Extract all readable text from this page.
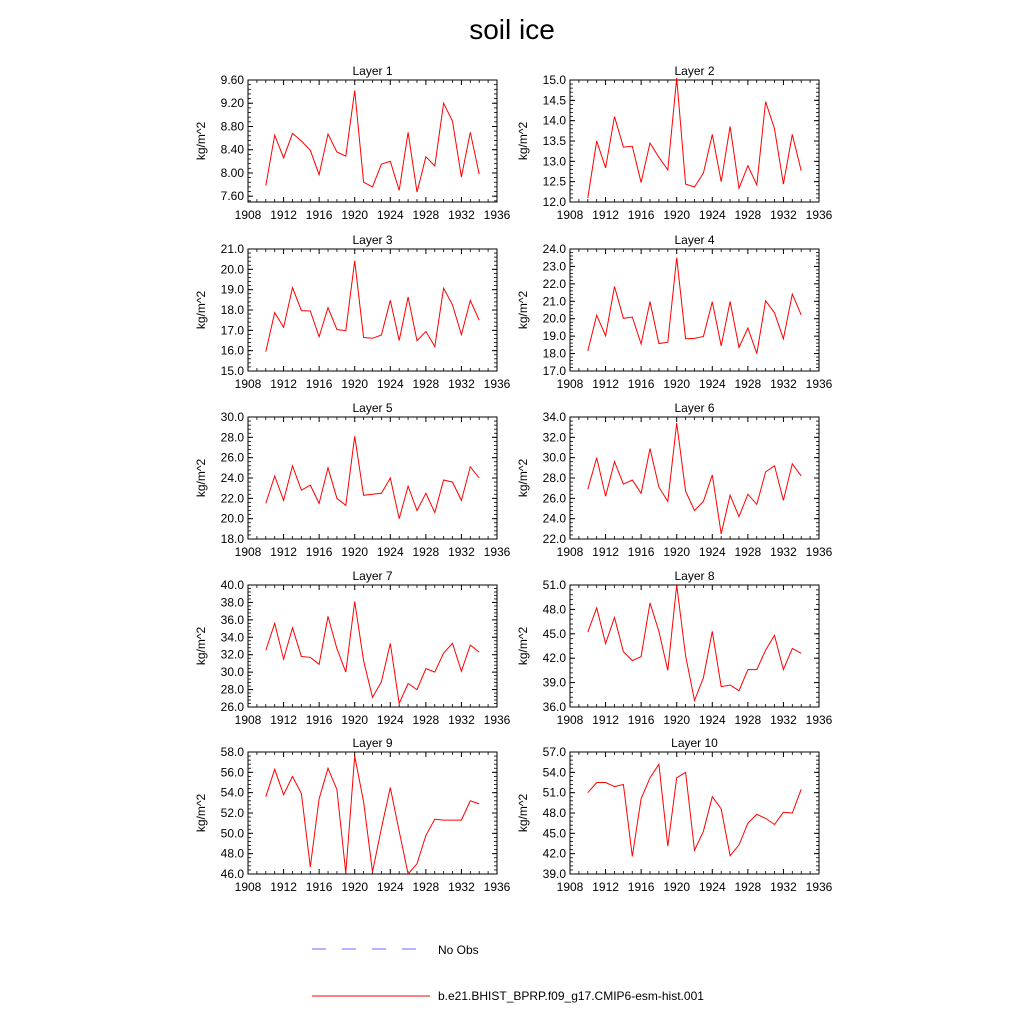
soil ice
Layer 1
1908 1912 1916 1920 1924 1928 1932 1936
7.60
8.00
8.40
8.80
9.20
9.60
kg/m^2
Layer 2
1908 1912 1916 1920 1924 1928 1932 1936
12.0
12.5
13.0
13.5
14.0
14.5
15.0
kg/m^2
Layer 3
1908 1912 1916 1920 1924 1928 1932 1936
15.0
16.0
17.0
18.0
19.0
20.0
21.0
kg/m^2
Layer 4
1908 1912 1916 1920 1924 1928 1932 1936
17.0
18.0
19.0
20.0
21.0
22.0
23.0
24.0
kg/m^2
Layer 5
1908 1912 1916 1920 1924 1928 1932 1936
18.0
20.0
22.0
24.0
26.0
28.0
30.0
kg/m^2
Layer 6
1908 1912 1916 1920 1924 1928 1932 1936
22.0
24.0
26.0
28.0
30.0
32.0
34.0
kg/m^2
Layer 7
1908 1912 1916 1920 1924 1928 1932 1936
26.0
28.0
30.0
32.0
34.0
36.0
38.0
40.0
kg/m^2
Layer 8
1908 1912 1916 1920 1924 1928 1932 1936
36.0
39.0
42.0
45.0
48.0
51.0
kg/m^2
Layer 9
1908 1912 1916 1920 1924 1928 1932 1936
46.0
48.0
50.0
52.0
54.0
56.0
58.0
kg/m^2
Layer 10
1908 1912 1916 1920 1924 1928 1932 1936
39.0
42.0
45.0
48.0
51.0
54.0
57.0
kg/m^2
No Obs
b.e21.BHIST_BPRP.f09_g17.CMIP6-esm-hist.001
